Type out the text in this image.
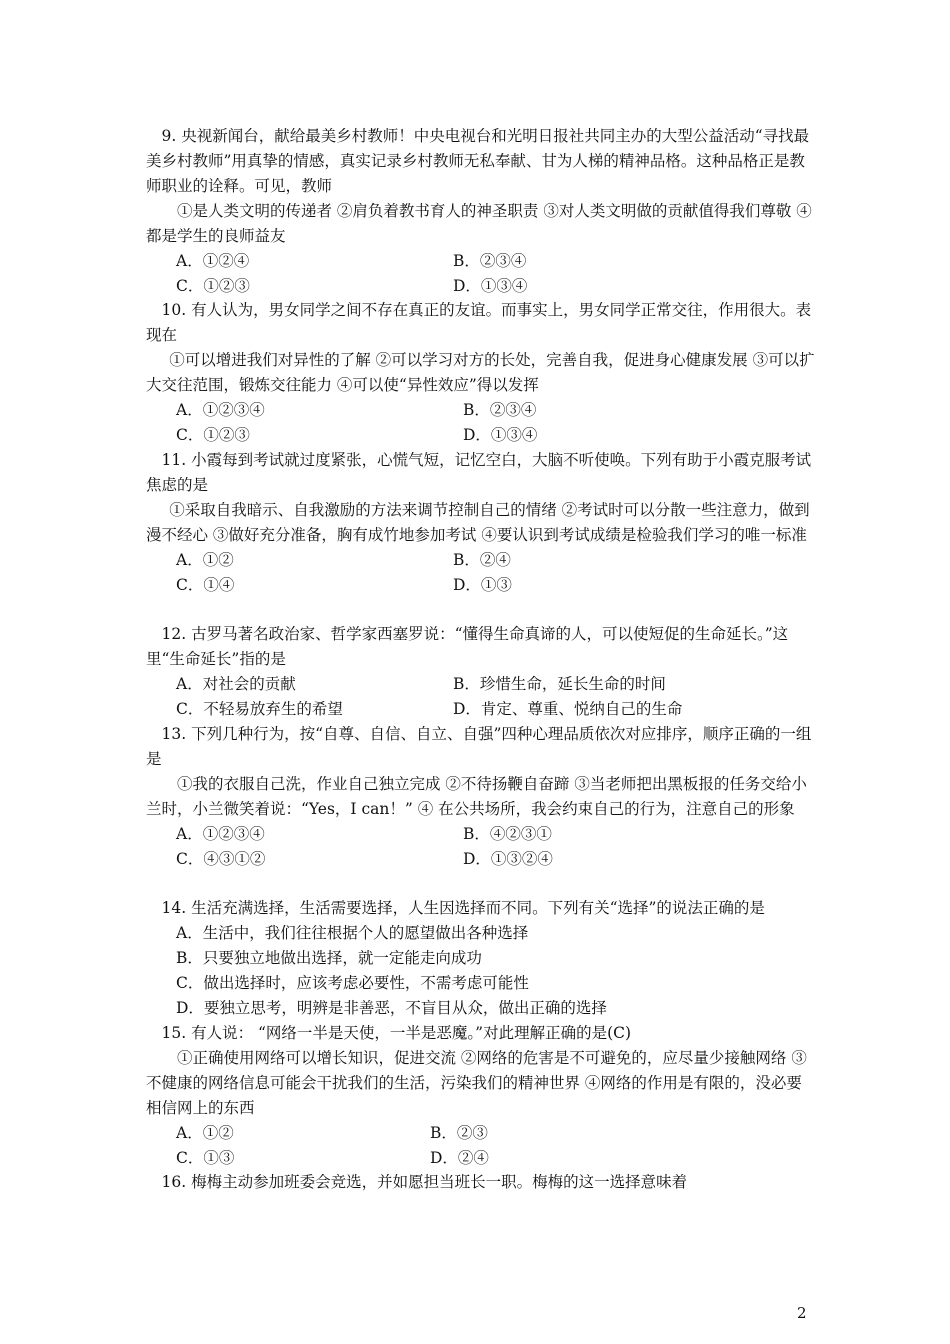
9. 央视新闻台，献给最美乡村教师！中央电视台和光明日报社共同主办的大型公益活动“寻找最美乡村教师”用真挚的情感，真实记录乡村教师无私奉献、甘为人梯的精神品格。这种品格正是教师职业的诠释。可见，教师

①是人类文明的传递者 ②肩负着教书育人的神圣职责 ③对人类文明做的贡献值得我们尊敬 ④都是学生的良师益友

A．①②④	B．②③④
C．①②③	D．①③④

10. 有人认为，男女同学之间不存在真正的友谊。而事实上，男女同学正常交往，作用很大。表现在

①可以增进我们对异性的了解 ②可以学习对方的长处，完善自我，促进身心健康发展 ③可以扩大交往范围，锻炼交往能力 ④可以使“异性效应”得以发挥

A．①②③④	B．②③④
C．①②③	D．①③④

11. 小霞每到考试就过度紧张，心慌气短，记忆空白，大脑不听使唤。下列有助于小霞克服考试焦虑的是

①采取自我暗示、自我激励的方法来调节控制自己的情绪 ②考试时可以分散一些注意力，做到漫不经心 ③做好充分准备，胸有成竹地参加考试 ④要认识到考试成绩是检验我们学习的唯一标准

A．①②	B．②④
C．①④	D．①③

12. 古罗马著名政治家、哲学家西塞罗说：“懂得生命真谛的人，可以使短促的生命延长。”这里“生命延长”指的是

A．对社会的贡献	B．珍惜生命，延长生命的时间
C．不轻易放弃生的希望	D．肯定、尊重、悦纳自己的生命

13. 下列几种行为，按“自尊、自信、自立、自强”四种心理品质依次对应排序，顺序正确的一组是

①我的衣服自己洗，作业自己独立完成 ②不待扬鞭自奋蹄 ③当老师把出黑板报的任务交给小兰时，小兰微笑着说：“Yes，I can！” ④ 在公共场所，我会约束自己的行为，注意自己的形象

A．①②③④	B．④②③①
C．④③①②	D．①③②④

14. 生活充满选择，生活需要选择，人生因选择而不同。下列有关“选择”的说法正确的是

A．生活中，我们往往根据个人的愿望做出各种选择
B．只要独立地做出选择，就一定能走向成功
C．做出选择时，应该考虑必要性，不需考虑可能性
D．要独立思考，明辨是非善恶，不盲目从众，做出正确的选择

15. 有人说： “网络一半是天使，一半是恶魔。”对此理解正确的是(C)

①正确使用网络可以增长知识，促进交流 ②网络的危害是不可避免的，应尽量少接触网络 ③不健康的网络信息可能会干扰我们的生活，污染我们的精神世界 ④网络的作用是有限的，没必要相信网上的东西

A．①②	B．②③
C．①③	D．②④

16. 梅梅主动参加班委会竞选，并如愿担当班长一职。梅梅的这一选择意味着

2
